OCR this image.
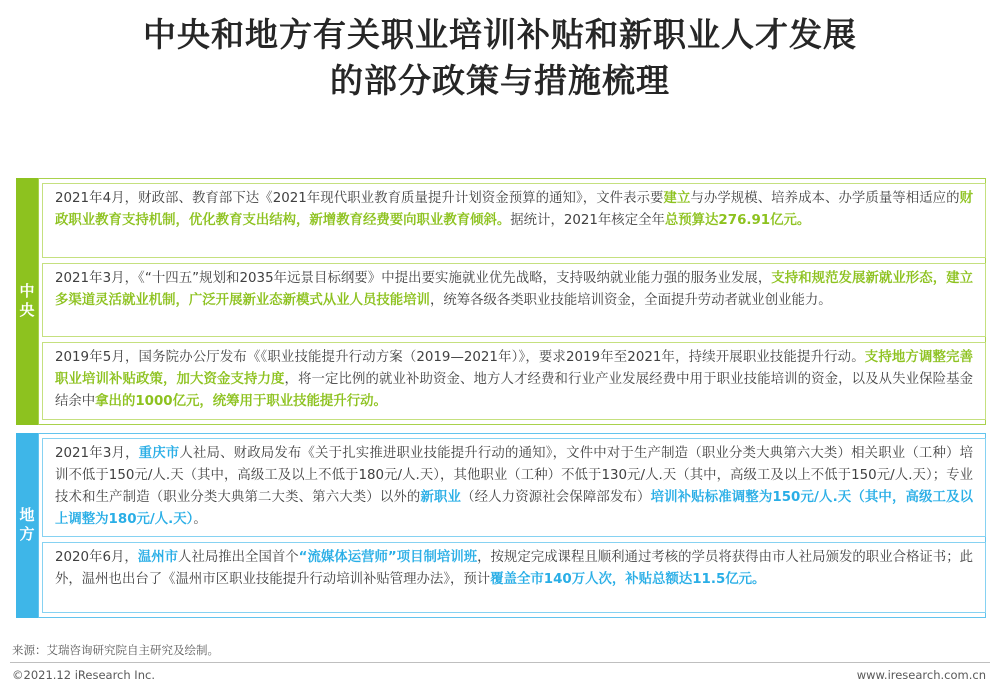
中央和地方有关职业培训补贴和新职业人才发展
的部分政策与措施梳理
中央
2021年4月，财政部、教育部下达《2021年现代职业教育质量提升计划资金预算的通知》，文件表示要建立与办学规模、培养成本、办学质量等相适应的财政职业教育支持机制，优化教育支出结构，新增教育经费要向职业教育倾斜。据统计，2021年核定全年总预算达276.91亿元。
2021年3月，《“十四五”规划和2035年远景目标纲要》中提出要实施就业优先战略，支持吸纳就业能力强的服务业发展，支持和规范发展新就业形态，建立多渠道灵活就业机制，广泛开展新业态新模式从业人员技能培训，统筹各级各类职业技能培训资金，全面提升劳动者就业创业能力。
2019年5月，国务院办公厅发布《《职业技能提升行动方案（2019—2021年）》，要求2019年至2021年，持续开展职业技能提升行动。支持地方调整完善职业培训补贴政策，加大资金支持力度，将一定比例的就业补助资金、地方人才经费和行业产业发展经费中用于职业技能培训的资金，以及从失业保险基金结余中拿出的1000亿元，统筹用于职业技能提升行动。
地方
2021年3月，重庆市人社局、财政局发布《关于扎实推进职业技能提升行动的通知》，文件中对于生产制造（职业分类大典第六大类）相关职业（工种）培训不低于150元/人.天（其中，高级工及以上不低于180元/人.天），其他职业（工种）不低于130元/人.天（其中，高级工及以上不低于150元/人.天）；专业技术和生产制造（职业分类大典第二大类、第六大类）以外的新职业（经人力资源社会保障部发布）培训补贴标准调整为150元/人.天（其中，高级工及以上调整为180元/人.天）。
2020年6月，温州市人社局推出全国首个“流媒体运营师”项目制培训班，按规定完成课程且顺利通过考核的学员将获得由市人社局颁发的职业合格证书；此外，温州也出台了《温州市区职业技能提升行动培训补贴管理办法》，预计覆盖全市140万人次，补贴总额达11.5亿元。
来源：艾瑞咨询研究院自主研究及绘制。
©2021.12 iResearch Inc.	www.iresearch.com.cn
